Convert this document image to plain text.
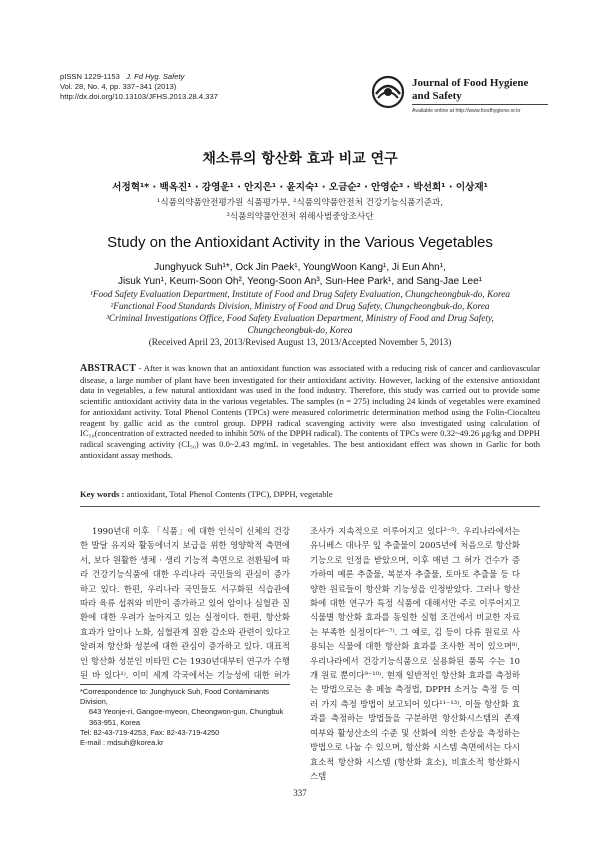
pISSN 1229-1153 J. Fd Hyg. Safety
Vol. 28, No. 4, pp. 337~341 (2013)
http://dx.doi.org/10.13103/JFHS.2013.28.4.337
Journal of Food Hygiene
and Safety
Available online at http://www.foodhygiene.or.kr
채소류의 항산화 효과 비교 연구
서정혁¹* · 백옥진¹ · 강영운¹ · 안지은¹ · 윤지숙¹ · 오금순² · 안영순³ · 박선희¹ · 이상재¹
¹식품의약품안전평가원 식품평가부, ²식품의약품안전처 건강기능식품기준과,
³식품의약품안전처 위해사범중앙조사단
Study on the Antioxidant Activity in the Various Vegetables
Junghyuck Suh¹*, Ock Jin Paek¹, YoungWoon Kang¹, Ji Eun Ahn¹,
Jisuk Yun¹, Keum-Soon Oh², Yeong-Soon An³, Sun-Hee Park¹, and Sang-Jae Lee¹
¹Food Safety Evaluation Department, Institute of Food and Drug Safety Evaluation, Chungcheongbuk-do, Korea
²Functional Food Standards Division, Ministry of Food and Drug Safety, Chungcheongbuk-do, Korea
³Criminal Investigations Office, Food Safety Evaluation Department, Ministry of Food and Drug Safety,
Chungcheongbuk-do, Korea
(Received April 23, 2013/Revised August 13, 2013/Accepted November 5, 2013)
ABSTRACT - After it was known that an antioxidant function was associated with a reducing risk of cancer and cardiovascular disease, a large number of plant have been investigated for their antioxidant activity. However, lacking of the extensive antioxidant data in vegetables, a few natural antioxidant was used in the food industry. Therefore, this study was carried out to provide some scientific antioxidant activity data in the various vegetables. The samples (n = 275) including 24 kinds of vegetables were examined for antioxidant activity. Total Phenol Contents (TPCs) were measured colorimetric determination method using the Folin-Ciocalteu reagent by gallic acid as the control group. DPPH radical scavenging activity were also investigated using calculation of IC₅₀(concentration of extracted needed to inhibit 50% of the DPPH radical). The contents of TPCs were 0.32~49.26 μg/kg and DPPH radical scavenging activity (CI₅₀) was 0.0~2.43 mg/mL in vegetables. The best antioxidant effect was shown in Garlic for both antioxidant assay methods.
Key words : antioxidant, Total Phenol Contents (TPC), DPPH, vegetable

1990년대 이후 「식품」에 대한 인식이 신체의 건강한 발달 유지와 활동에너지 보급을 위한 영양학적 측면에서, 보다 원활한 생체 · 생리 기능적 측면으로 전환됨에 따라 건강기능식품에 대한 우리나라 국민들의 관심이 증가하고 있다. 한편, 우리나라 국민들도 서구화된 식습관에 따라 육류 섭취와 비만이 증가하고 있어 암이나 심혈관 질환에 대한 우려가 높아지고 있는 실정이다. 한편, 항산화 효과가 암이나 노화, 심혈관계 질환 감소와 관련이 있다고 알려져 항산화 성분에 대한 관심이 증가하고 있다. 대표적인 항산화 성분인 비타민 C는 1930년대부터 연구가 수행된 바 있다¹⁾. 이미 세계 각국에서는 기능성에 대한 허가

조사가 지속적으로 이루어지고 있다²⁻⁵⁾. 우리나라에서는 유니베스 대나무 잎 추출물이 2005년에 처음으로 항산화 기능으로 인정을 받았으며, 이후 매년 그 허가 건수가 증가하여 메론 추출물, 복분자 추출물, 토마토 추출물 등 다양한 원료들이 항산화 기능성을 인정받았다. 그러나 항산화에 대한 연구가 특정 식품에 대해서만 주로 이루어지고 식물별 항산화 효과를 동일한 실험 조건에서 비교한 자료는 부족한 실정이다⁶⁻⁷⁾. 그 예로, 김 등이 다류 원료로 사용되는 식물에 대한 항산화 효과를 조사한 적이 있으며⁸⁾, 우리나라에서 건강기능식품으로 실용화된 품목 수는 10개 원료 뿐이다⁹⁻¹⁰⁾. 현재 일반적인 항산화 효과를 측정하는 방법으로는 총 페놀 측정법, DPPH 소거능 측정 등 여러 가지 측정 방법이 보고되어 있다¹¹⁻¹³⁾. 이들 항산화 효과를 측정하는 방법들을 구분하면 항산화시스템의 존재 여부와 활성산소의 수준 및 산화에 의한 손상을 측정하는 방법으로 나눌 수 있으며, 항산화 시스템 측면에서는 다시 효소적 항산화 시스템 (항산화 효소), 비효소적 항산화시스템

*Correspondence to: Junghyuck Suh, Food Contaminants Division,
643 Yeonje-ri, Gangoe-myeon, Cheongwon-gun, Chungbuk 363-951, Korea
Tel: 82-43-719-4253, Fax: 82-43-719-4250
E-mail : mdsuh@korea.kr
337
